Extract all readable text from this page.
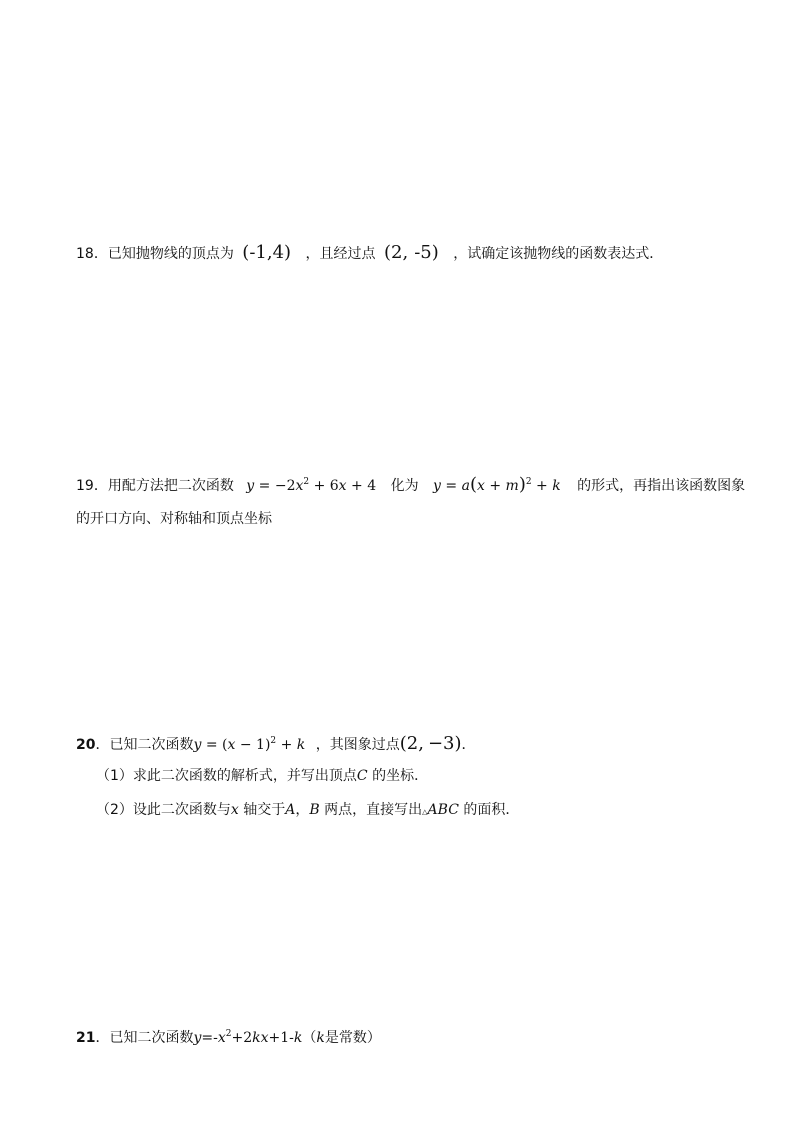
18．已知抛物线的顶点为 (-1,4) ，且经过点 (2, -5) ，试确定该抛物线的函数表达式．
19．用配方法把二次函数 $y = -2x^2 + 6x + 4$ 化为 $y = a(x + m)^2 + k$ 的形式，再指出该函数图象
的开口方向、对称轴和顶点坐标
20．已知二次函数$y = (x - 1)^2 + k$ ，其图象过点(2, −3)．
（1）求此二次函数的解析式，并写出顶点C 的坐标．
（2）设此二次函数与x 轴交于A，B 两点，直接写出△ABC 的面积．
21．已知二次函数$y=-x^2+2kx+1-k(k$是常数）
